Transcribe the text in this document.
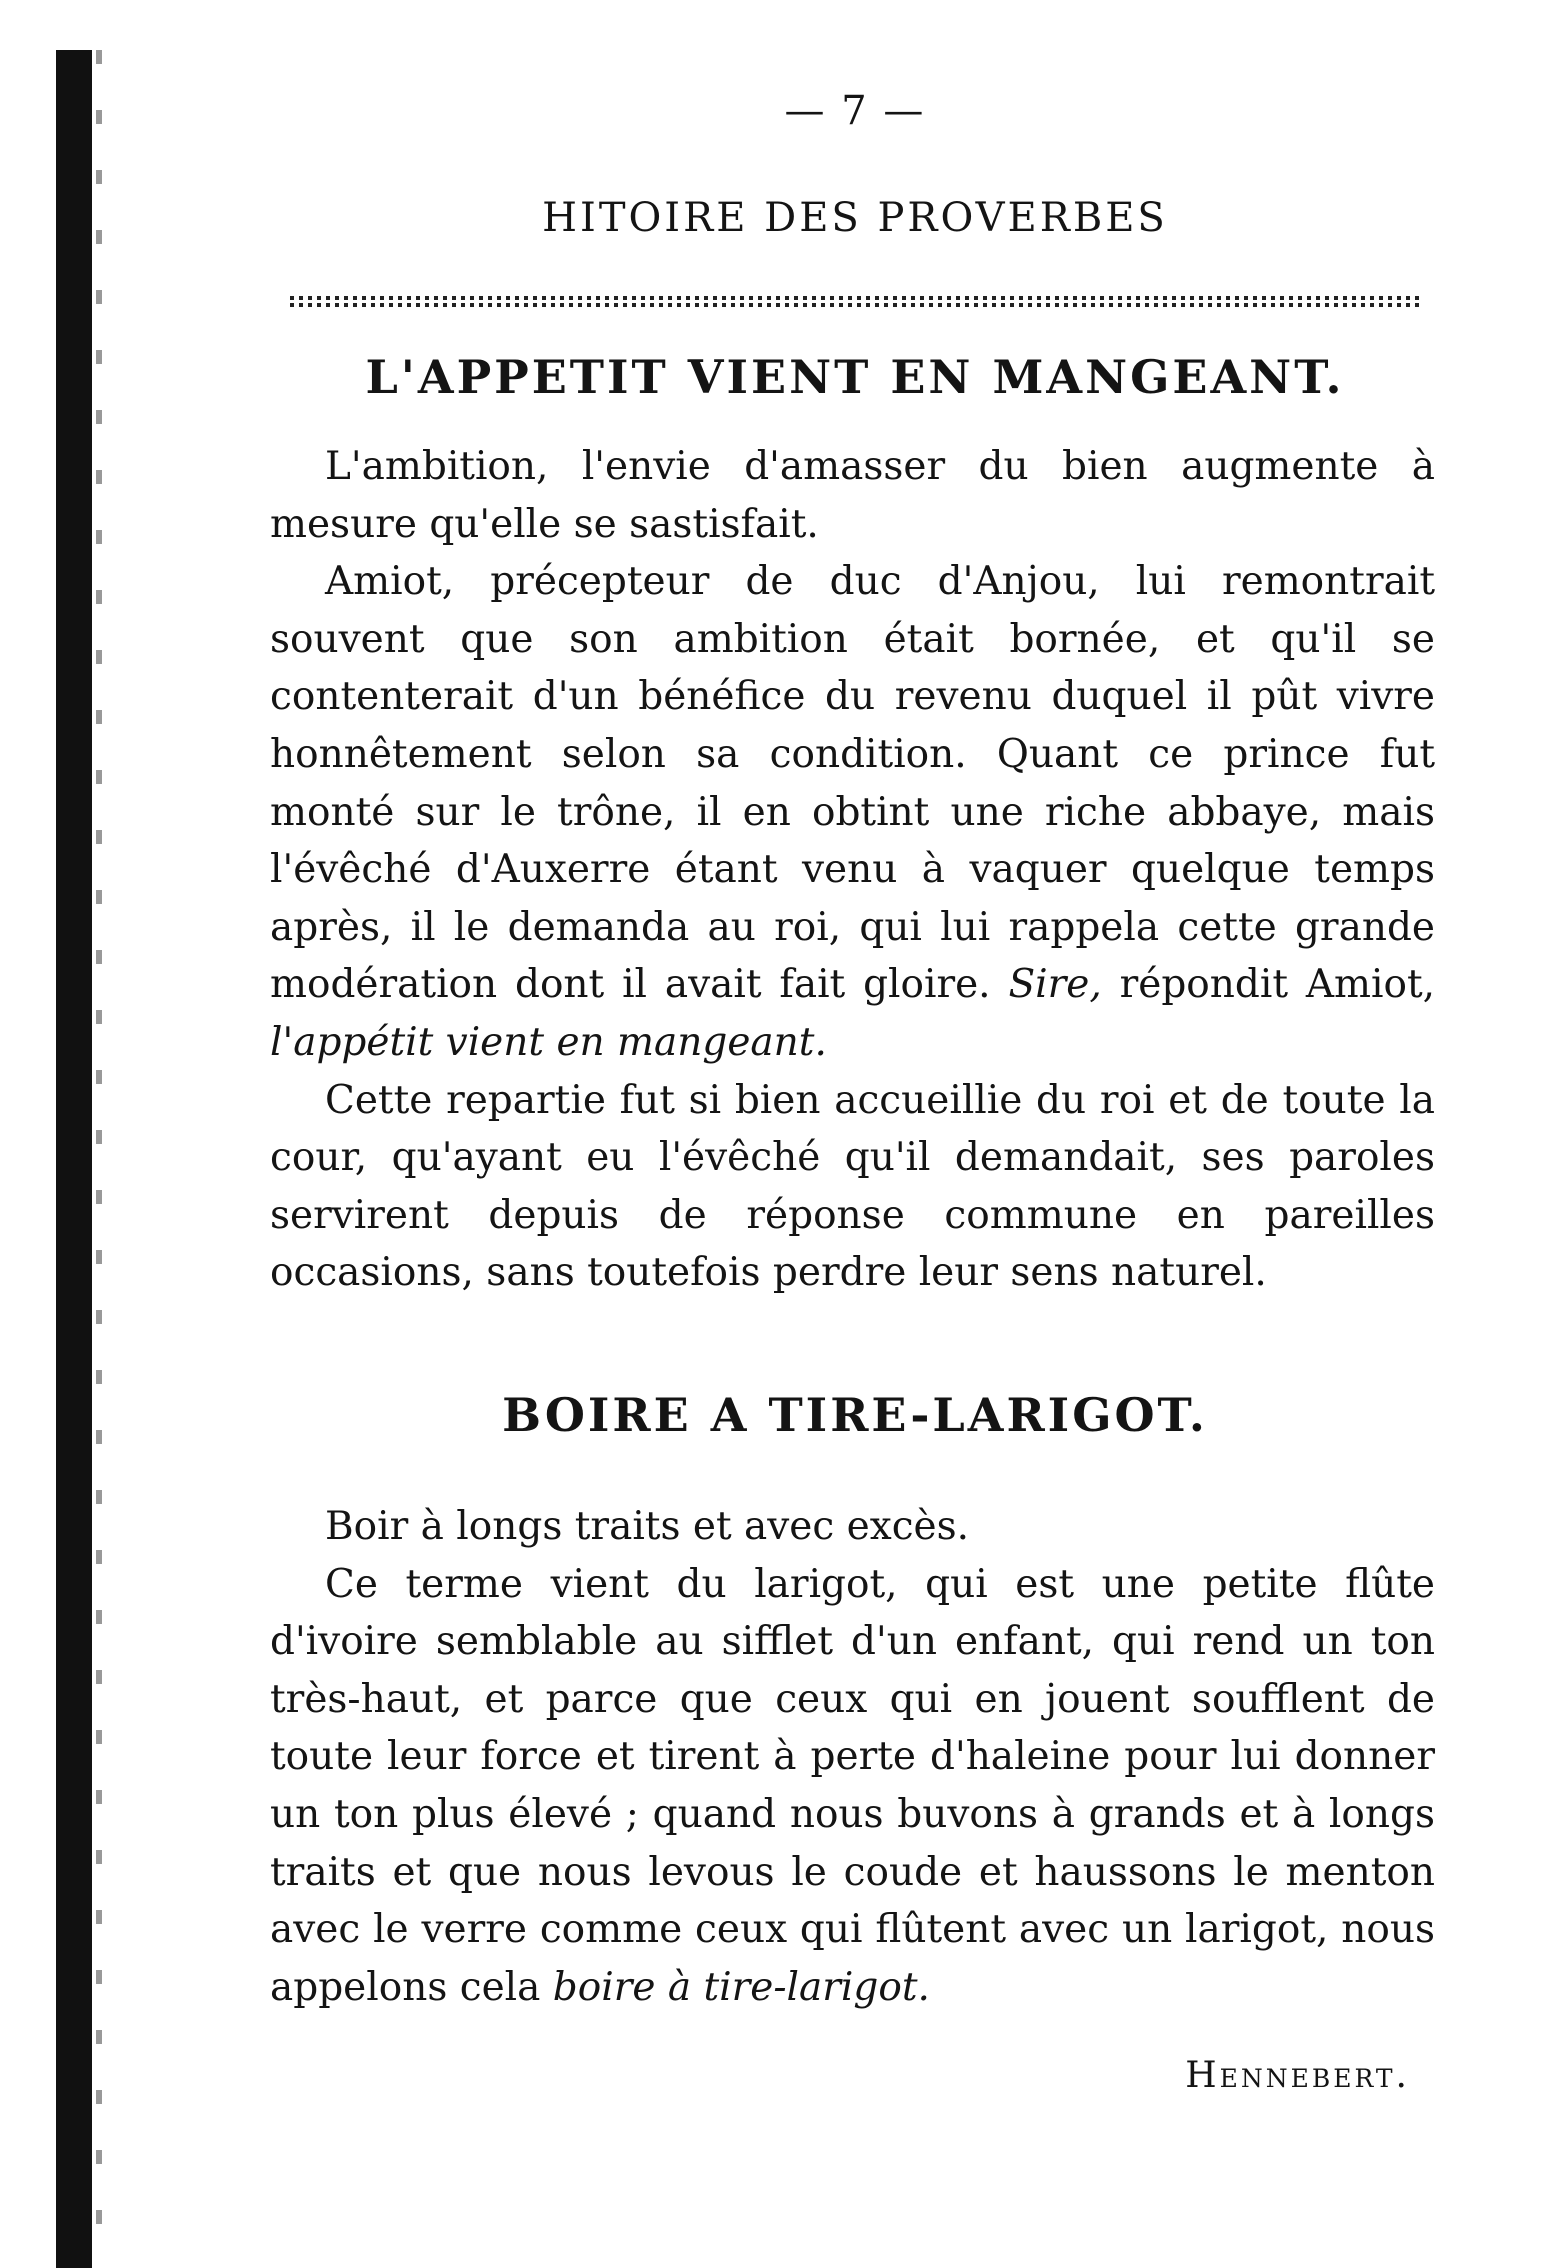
— 7 —
HITOIRE DES PROVERBES
L'APPETIT VIENT EN MANGEANT.

L'ambition, l'envie d'amasser du bien augmente à mesure qu'elle se sastisfait.

Amiot, précepteur de duc d'Anjou, lui remontrait souvent que son ambition était bornée, et qu'il se contenterait d'un bénéfice du revenu duquel il pût vivre honnêtement selon sa condition. Quant ce prince fut monté sur le trône, il en obtint une riche abbaye, mais l'évêché d'Auxerre étant venu à vaquer quelque temps après, il le demanda au roi, qui lui rappela cette grande modération dont il avait fait gloire. Sire, répondit Amiot, l'appétit vient en mangeant.

Cette repartie fut si bien accueillie du roi et de toute la cour, qu'ayant eu l'évêché qu'il demandait, ses paroles servirent depuis de réponse commune en pareilles occasions, sans toutefois perdre leur sens naturel.

BOIRE A TIRE-LARIGOT.

Boir à longs traits et avec excès.

Ce terme vient du larigot, qui est une petite flûte d'ivoire semblable au sifflet d'un enfant, qui rend un ton très-haut, et parce que ceux qui en jouent soufflent de toute leur force et tirent à perte d'haleine pour lui donner un ton plus élevé ; quand nous buvons à grands et à longs traits et que nous levous le coude et haussons le menton avec le verre comme ceux qui flûtent avec un larigot, nous appelons cela boire à tire-larigot.

Hennebert.
